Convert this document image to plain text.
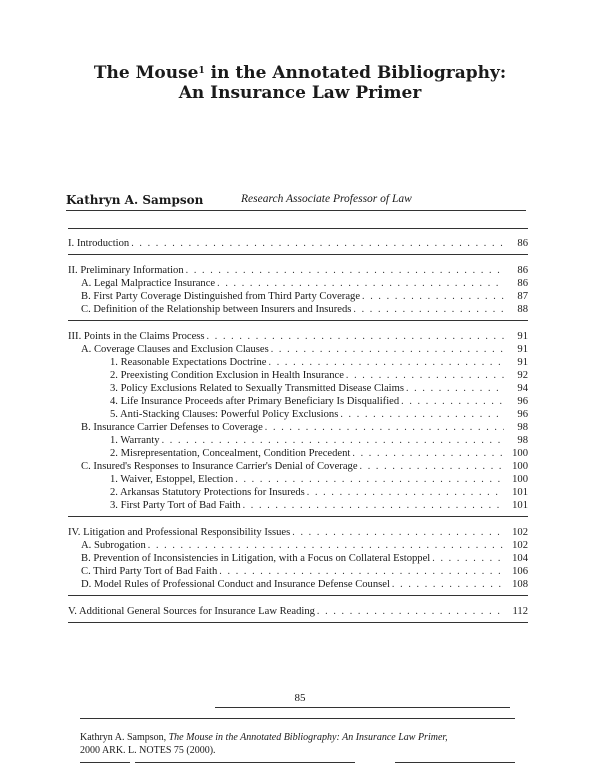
The Mouse$^1$ in the Annotated Bibliography:
An Insurance Law Primer
Kathryn A. Sampson	Research Associate Professor of Law
I. Introduction . . .	86
II. Preliminary Information . . .	86
A. Legal Malpractice Insurance . . .	86
B. First Party Coverage Distinguished from Third Party Coverage . . .	87
C. Definition of the Relationship between Insurers and Insureds . . .	88
III. Points in the Claims Process . . .	91
A. Coverage Clauses and Exclusion Clauses . . .	91
1. Reasonable Expectations Doctrine . . .	91
2. Preexisting Condition Exclusion in Health Insurance . . .	92
3. Policy Exclusions Related to Sexually Transmitted Disease Claims . . .	94
4. Life Insurance Proceeds after Primary Beneficiary Is Disqualified . . .	96
5. Anti-Stacking Clauses: Powerful Policy Exclusions . . .	96
B. Insurance Carrier Defenses to Coverage . . .	98
1. Warranty . . .	98
2. Misrepresentation, Concealment, Condition Precedent . . .	100
C. Insured's Responses to Insurance Carrier's Denial of Coverage . . .	100
1. Waiver, Estoppel, Election . . .	100
2. Arkansas Statutory Protections for Insureds . . .	101
3. First Party Tort of Bad Faith . . .	101
IV. Litigation and Professional Responsibility Issues . . .	102
A. Subrogation . . .	102
B. Prevention of Inconsistencies in Litigation, with a Focus on Collateral Estoppel . . .	104
C. Third Party Tort of Bad Faith . . .	106
D. Model Rules of Professional Conduct and Insurance Defense Counsel . . .	108
V. Additional General Sources for Insurance Law Reading . . .	112
85
Kathryn A. Sampson, The Mouse in the Annotated Bibliography: An Insurance Law Primer,
2000 ARK. L. NOTES 75 (2000).
